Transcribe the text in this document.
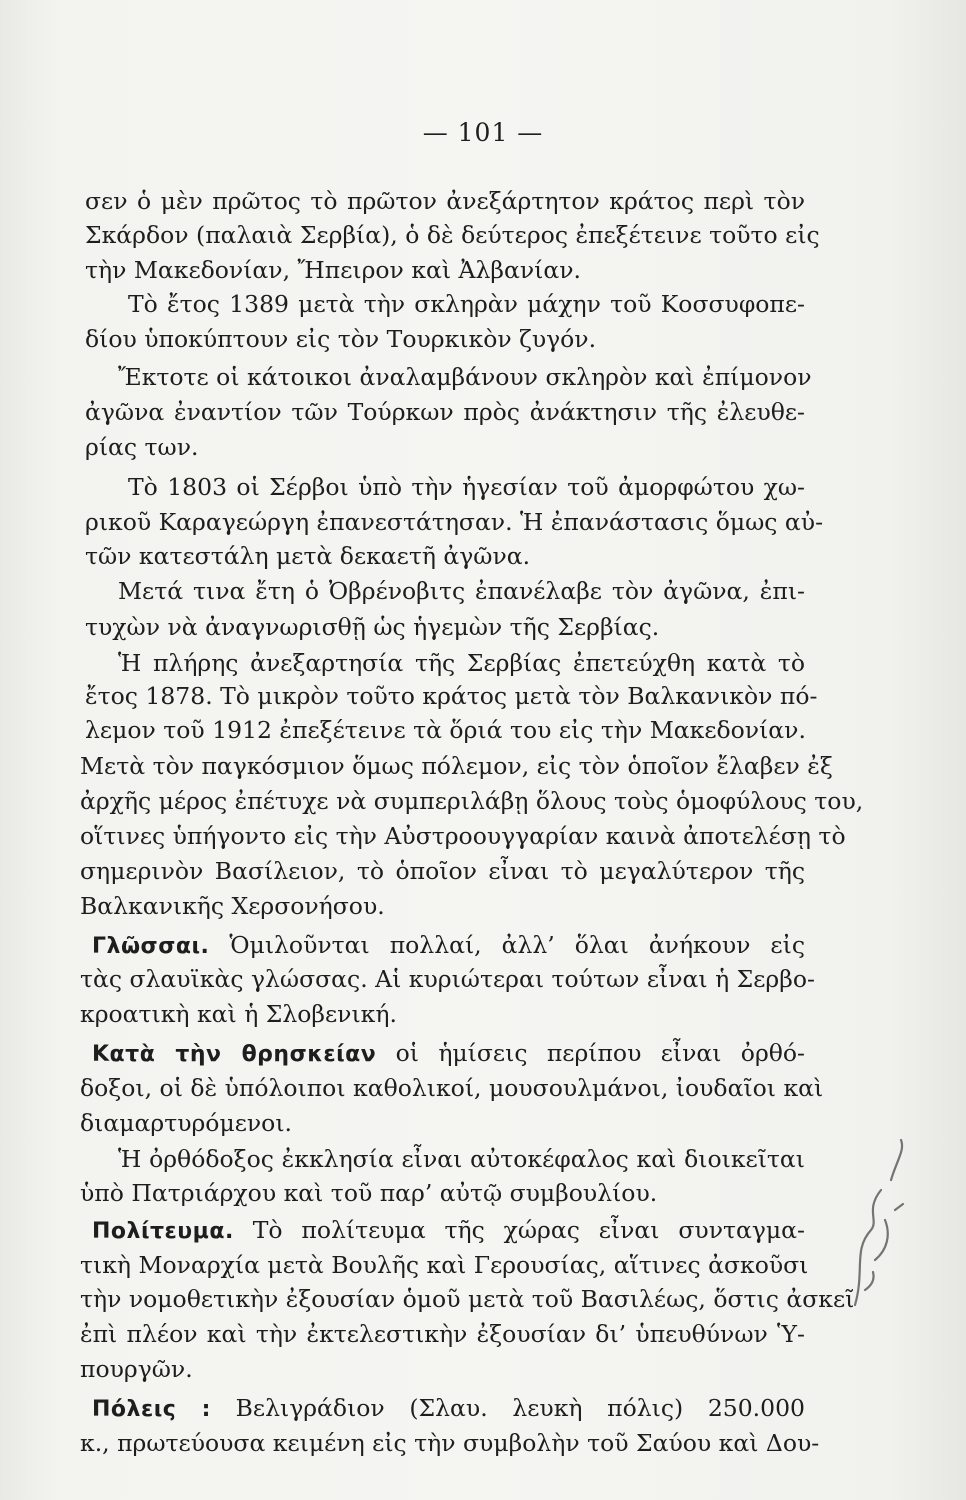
— 101 —
σεν ὁ μὲν πρῶτος τὸ πρῶτον ἀνεξάρτητον κράτος περὶ τὸν
Σκάρδον (παλαιὰ Σερβία), ὁ δὲ δεύτερος ἐπεξέτεινε τοῦτο εἰς
τὴν Μακεδονίαν, Ἤπειρον καὶ Ἀλβανίαν.
Τὸ ἔτος 1389 μετὰ τὴν σκληρὰν μάχην τοῦ Κοσσυφοπε-
δίου ὑποκύπτουν εἰς τὸν Τουρκικὸν ζυγόν.
Ἔκτοτε οἱ κάτοικοι ἀναλαμβάνουν σκληρὸν καὶ ἐπίμονον
ἀγῶνα ἐναντίον τῶν Τούρκων πρὸς ἀνάκτησιν τῆς ἐλευθε-
ρίας των.
Τὸ 1803 οἱ Σέρβοι ὑπὸ τὴν ἡγεσίαν τοῦ ἀμορφώτου χω-
ρικοῦ Καραγεώργη ἐπανεστάτησαν. Ἡ ἐπανάστασις ὅμως αὐ-
τῶν κατεστάλη μετὰ δεκαετῆ ἀγῶνα.
Μετά τινα ἔτη ὁ Ὀβρένοβιτς ἐπανέλαβε τὸν ἀγῶνα, ἐπι-
τυχὼν νὰ ἀναγνωρισθῇ ὡς ἡγεμὼν τῆς Σερβίας.
Ἡ πλήρης ἀνεξαρτησία τῆς Σερβίας ἐπετεύχθη κατὰ τὸ
ἔτος 1878. Τὸ μικρὸν τοῦτο κράτος μετὰ τὸν Βαλκανικὸν πό-
λεμον τοῦ 1912 ἐπεξέτεινε τὰ ὅριά του εἰς τὴν Μακεδονίαν.
Μετὰ τὸν παγκόσμιον ὅμως πόλεμον, εἰς τὸν ὁποῖον ἔλαβεν ἐξ
ἀρχῆς μέρος ἐπέτυχε νὰ συμπεριλάβῃ ὅλους τοὺς ὁμοφύλους του,
οἵτινες ὑπήγοντο εἰς τὴν Αὐστροουγγαρίαν καινὰ ἀποτελέσῃ τὸ
σημερινὸν Βασίλειον, τὸ ὁποῖον εἶναι τὸ μεγαλύτερον τῆς
Βαλκανικῆς Χερσονήσου.
Γλῶσσαι. Ὁμιλοῦνται πολλαί, ἀλλ’ ὅλαι ἀνήκουν εἰς
τὰς σλαυϊκὰς γλώσσας. Αἱ κυριώτεραι τούτων εἶναι ἡ Σερβο-
κροατικὴ καὶ ἡ Σλοβενική.
Κατὰ τὴν θρησκείαν οἱ ἡμίσεις περίπου εἶναι ὀρθό-
δοξοι, οἱ δὲ ὑπόλοιποι καθολικοί, μουσουλμάνοι, ἰουδαῖοι καὶ
διαμαρτυρόμενοι.
Ἡ ὀρθόδοξος ἐκκλησία εἶναι αὐτοκέφαλος καὶ διοικεῖται
ὑπὸ Πατριάρχου καὶ τοῦ παρ’ αὐτῷ συμβουλίου.
Πολίτευμα. Τὸ πολίτευμα τῆς χώρας εἶναι συνταγμα-
τικὴ Μοναρχία μετὰ Βουλῆς καὶ Γερουσίας, αἵτινες ἀσκοῦσι
τὴν νομοθετικὴν ἐξουσίαν ὁμοῦ μετὰ τοῦ Βασιλέως, ὅστις ἀσκεῖ
ἐπὶ πλέον καὶ τὴν ἐκτελεστικὴν ἐξουσίαν δι’ ὑπευθύνων Ὑ-
πουργῶν.
Πόλεις : Βελιγράδιον (Σλαυ. λευκὴ πόλις) 250.000
κ., πρωτεύουσα κειμένη εἰς τὴν συμβολὴν τοῦ Σαύου καὶ Δου-
